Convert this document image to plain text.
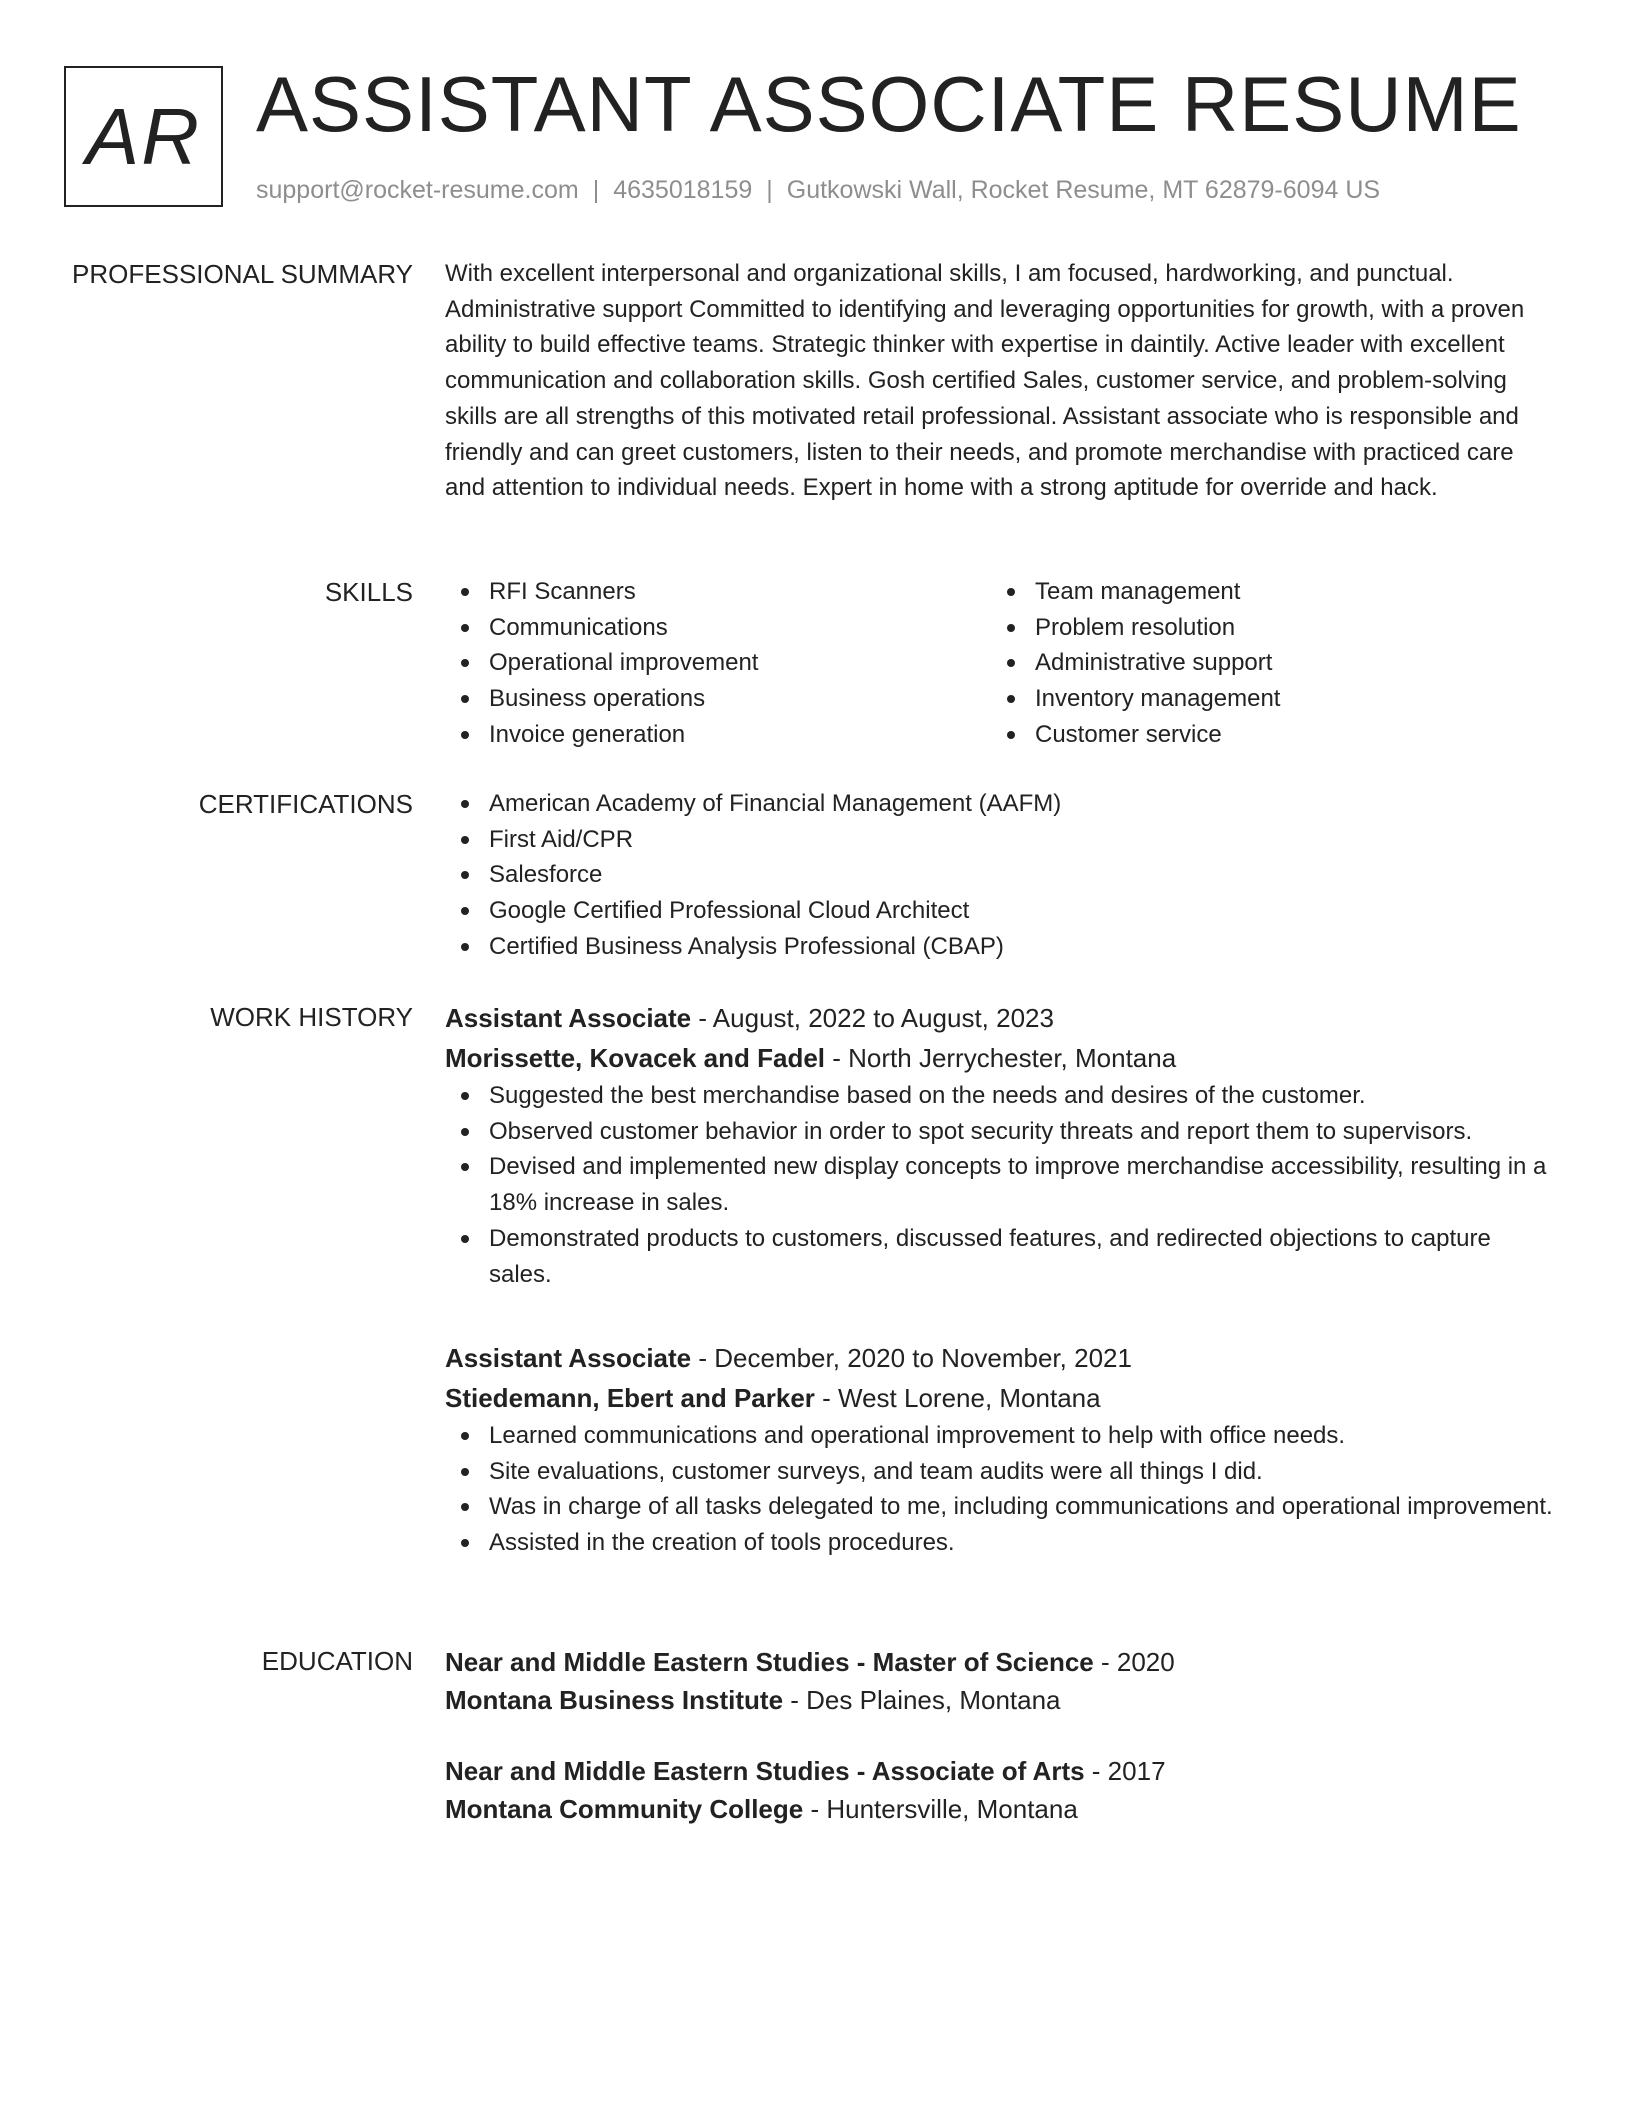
AR ASSISTANT ASSOCIATE RESUME
support@rocket-resume.com | 4635018159 | Gutkowski Wall, Rocket Resume, MT 62879-6094 US
PROFESSIONAL SUMMARY With excellent interpersonal and organizational skills, I am focused, hardworking, and punctual. Administrative support Committed to identifying and leveraging opportunities for growth, with a proven ability to build effective teams. Strategic thinker with expertise in daintily. Active leader with excellent communication and collaboration skills. Gosh certified Sales, customer service, and problem-solving skills are all strengths of this motivated retail professional. Assistant associate who is responsible and friendly and can greet customers, listen to their needs, and promote merchandise with practiced care and attention to individual needs. Expert in home with a strong aptitude for override and hack.
SKILLS	RFI Scanners
Communications
Operational improvement
Business operations
Invoice generation
Team management
Problem resolution
Administrative support
Inventory management
Customer service
CERTIFICATIONS	American Academy of Financial Management (AAFM)
First Aid/CPR
Salesforce
Google Certified Professional Cloud Architect
Certified Business Analysis Professional (CBAP)
WORK HISTORY Assistant Associate - August, 2022 to August, 2023
Morissette, Kovacek and Fadel - North Jerrychester, Montana
Suggested the best merchandise based on the needs and desires of the customer.
Observed customer behavior in order to spot security threats and report them to supervisors.
Devised and implemented new display concepts to improve merchandise accessibility, resulting in a 18% increase in sales.
Demonstrated products to customers, discussed features, and redirected objections to capture sales.
Assistant Associate - December, 2020 to November, 2021
Stiedemann, Ebert and Parker - West Lorene, Montana
Learned communications and operational improvement to help with office needs.
Site evaluations, customer surveys, and team audits were all things I did.
Was in charge of all tasks delegated to me, including communications and operational improvement.
Assisted in the creation of tools procedures.
EDUCATION Near and Middle Eastern Studies - Master of Science - 2020
Montana Business Institute - Des Plaines, Montana
Near and Middle Eastern Studies - Associate of Arts - 2017
Montana Community College - Huntersville, Montana
